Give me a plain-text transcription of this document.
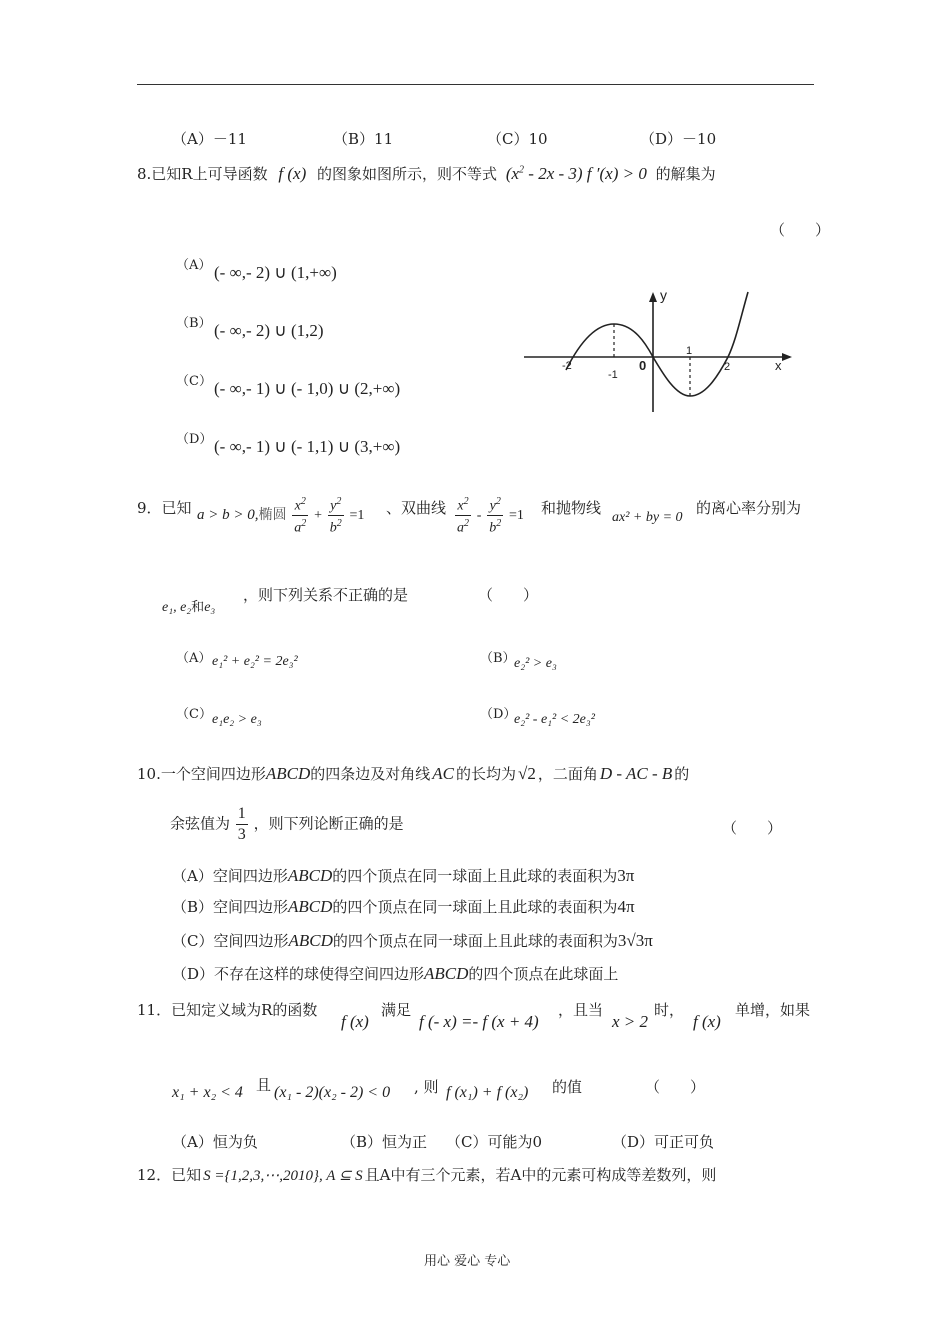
（A）－11	（B）11	（C）10	（D）－10
8.已知R上可导函数 f (x) 的图象如图所示，则不等式 $(x^2 - 2x - 3)$ f ′(x) > 0 的解集为
（　　）
（A） (- ∞,- 2) ∪ (1,+∞)
（B） (- ∞,- 2) ∪ (1,2)
（C） (- ∞,- 1) ∪ (- 1,0) ∪ (2,+∞)
（D） (- ∞,- 1) ∪ (- 1,1) ∪ (3,+∞)
y
x
-2
-1
0
1
2
9．已知 a > b > 0,椭圆 $\frac{x^2}{a^2} + \frac{y^2}{b^2} =1$ 、双曲线 $\frac{x^2}{a^2} - \frac{y^2}{b^2} =1$ 和抛物线
ax² + by = 0
的离心率分别为
e₁, e₂和e₃
，则下列关系不正确的是	（　　）
（A） e₁² + e₂² = 2e₃²	（B）
e₂² > e₃
（C） e₁e₂ > e₃	（D）
e₂² - e₁² < 2e₃²
10.一个空间四边形ABCD的四条边及对角线 AC 的长均为 √2 ，二面角 D - AC - B 的
余弦值为 $\frac{1}{3}$ ，则下列论断正确的是	（　　）
（A）空间四边形ABCD的四个顶点在同一球面上且此球的表面积为3π
（B）空间四边形ABCD的四个顶点在同一球面上且此球的表面积为4π
（C）空间四边形ABCD的四个顶点在同一球面上且此球的表面积为3√3π
（D）不存在这样的球使得空间四边形ABCD的四个顶点在此球面上
11．已知定义域为R的函数
f (x)
满足
f (- x) =- f (x + 4)
，且当
x > 2
时，
f (x)
单增，如果
x₁ + x₂ < 4 且 (x₁ - 2)(x₂ - 2) < 0 , 则 f (x₁) + f (x₂) 的值	（　　）
（A）恒为负	（B）恒为正 （C）可能为0	（D）可正可负
12．已知 S ={1,2,3,⋯,2010}, A ⊆ S 且A中有三个元素，若A中的元素可构成等差数列，则
用心 爱心 专心
